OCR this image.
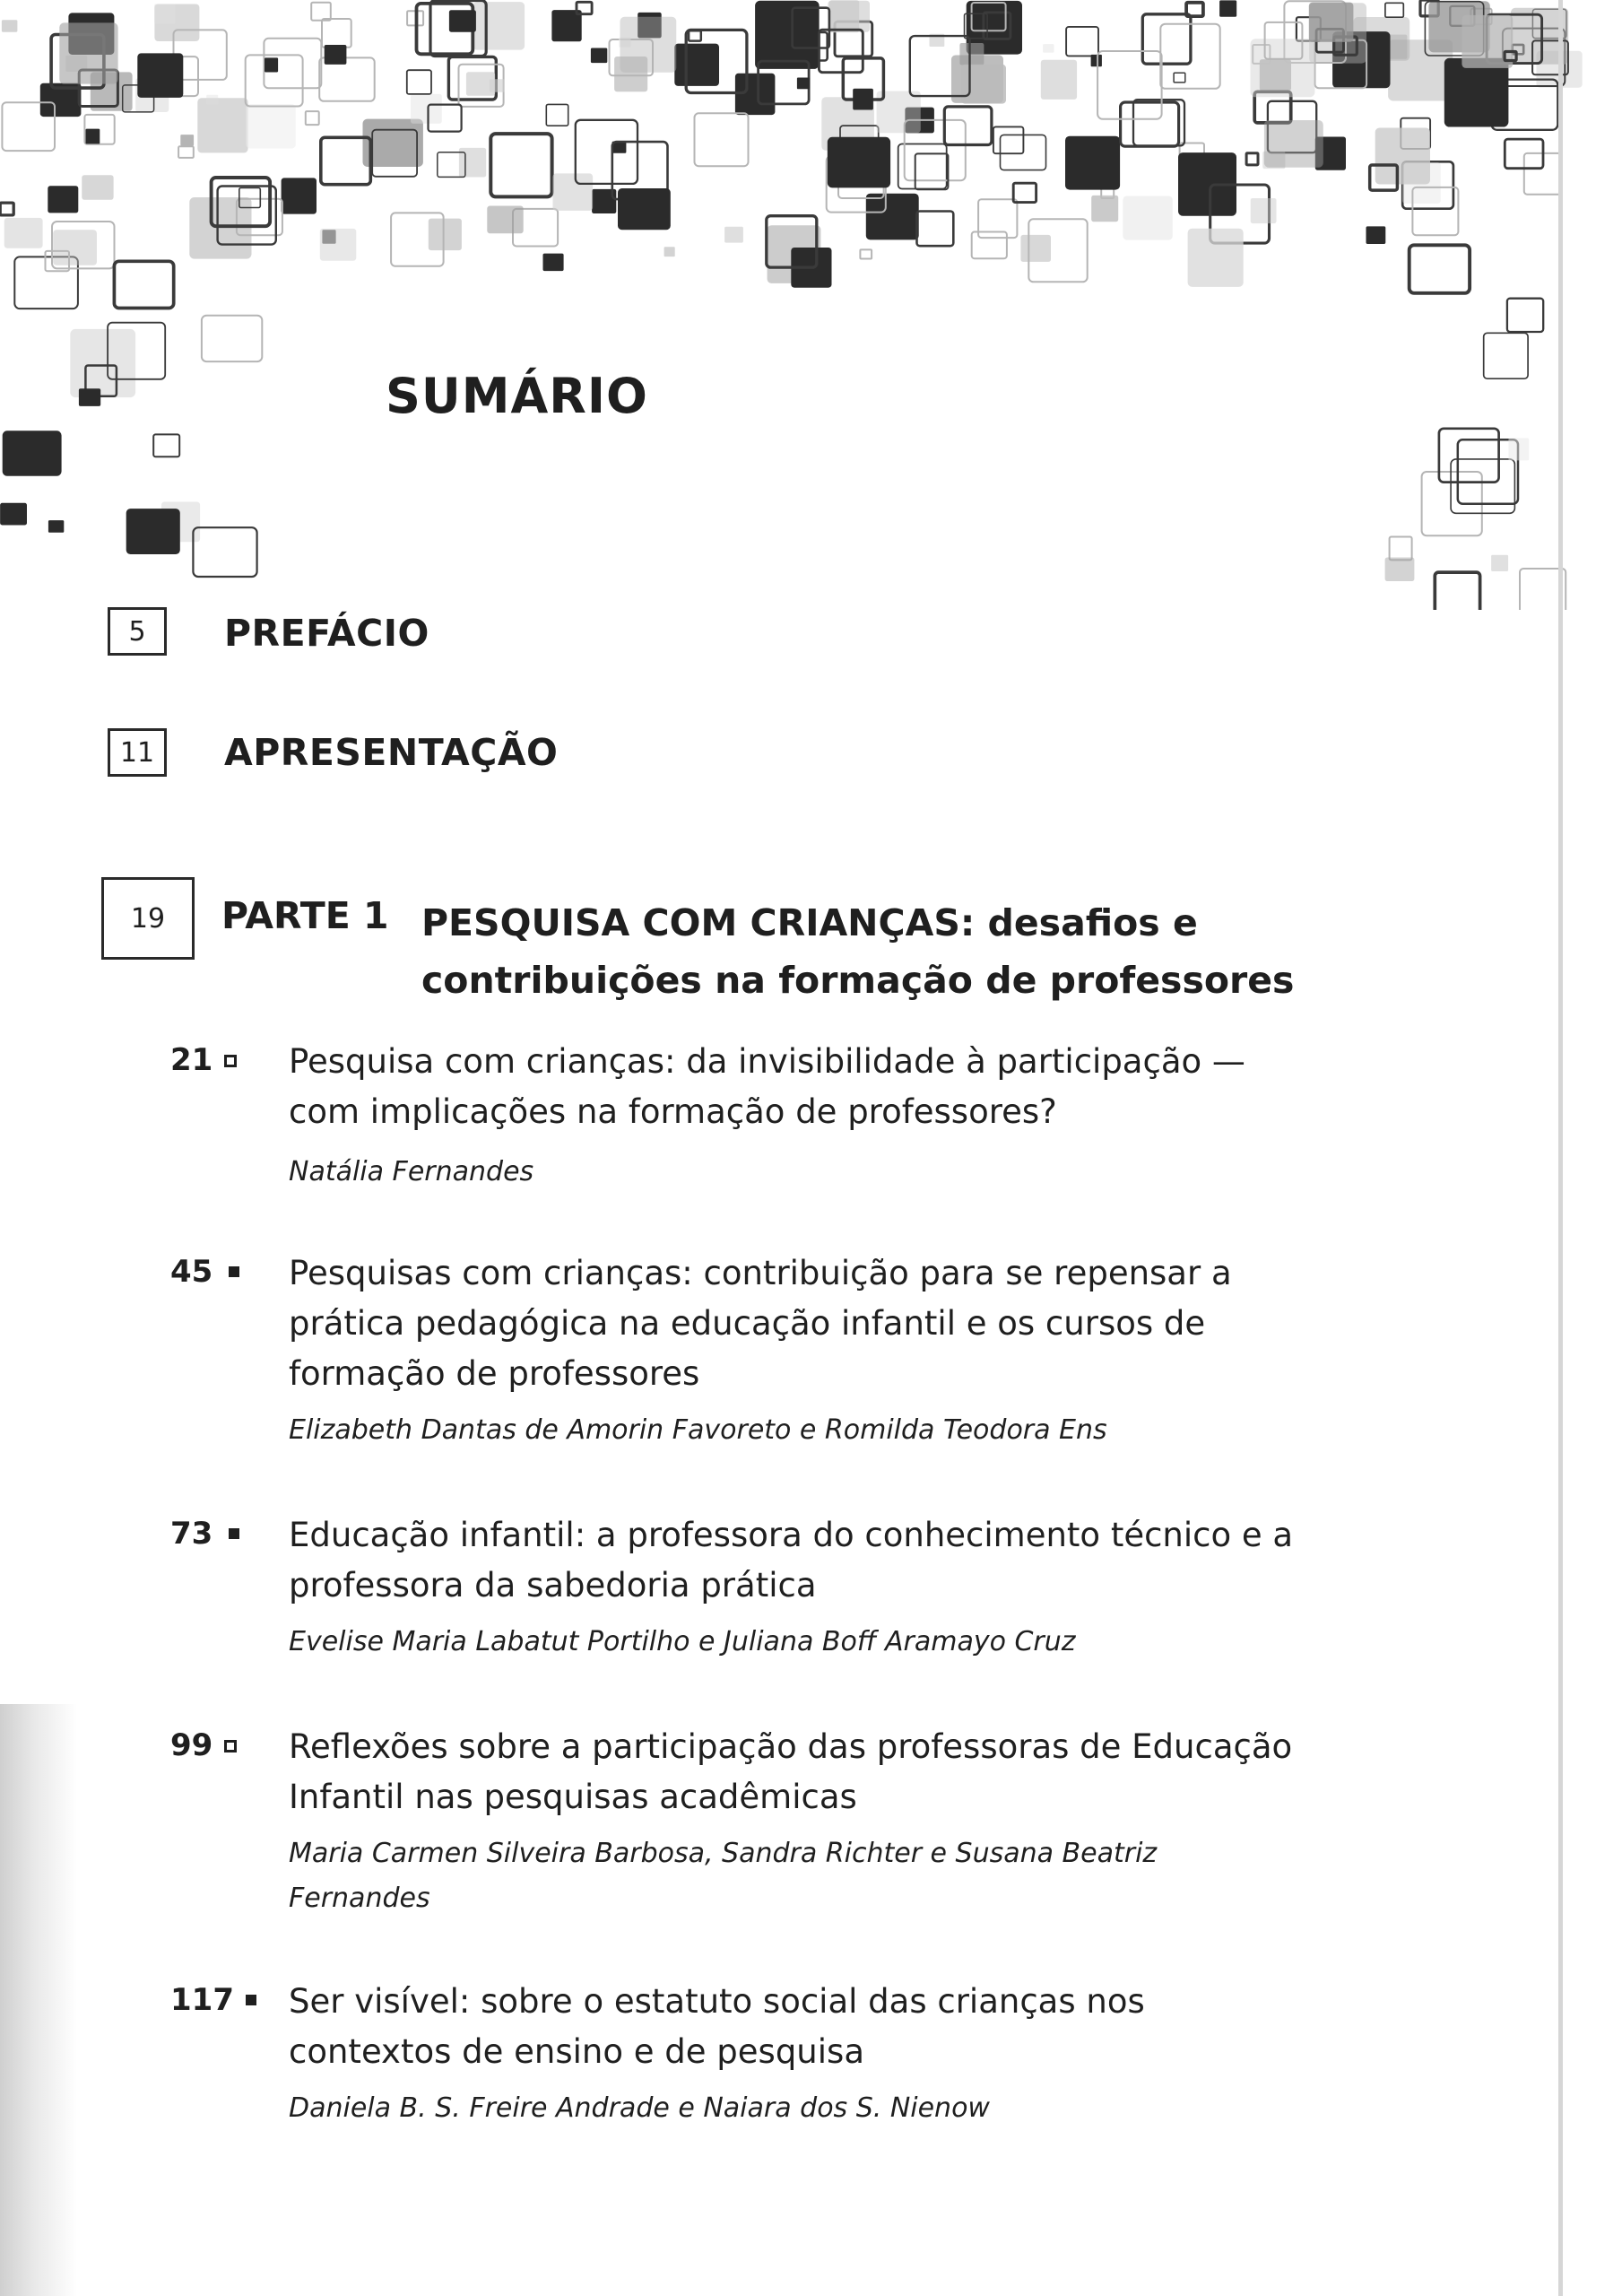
SUMÁRIO
5 PREFÁCIO
11 APRESENTAÇÃO
19 PARTE 1 PESQUISA COM CRIANÇAS: desafios e
contribuições na formação de professores
21 Pesquisa com crianças: da invisibilidade à participação — com implicações na formação de professores?
Natália Fernandes
45 Pesquisas com crianças: contribuição para se repensar a prática pedagógica na educação infantil e os cursos de formação de professores
Elizabeth Dantas de Amorin Favoreto e Romilda Teodora Ens
73 Educação infantil: a professora do conhecimento técnico e a professora da sabedoria prática
Evelise Maria Labatut Portilho e Juliana Boff Aramayo Cruz
99 Reflexões sobre a participação das professoras de Educação Infantil nas pesquisas acadêmicas
Maria Carmen Silveira Barbosa, Sandra Richter e Susana Beatriz Fernandes
117 Ser visível: sobre o estatuto social das crianças nos contextos de ensino e de pesquisa
Daniela B. S. Freire Andrade e Naiara dos S. Nienow
